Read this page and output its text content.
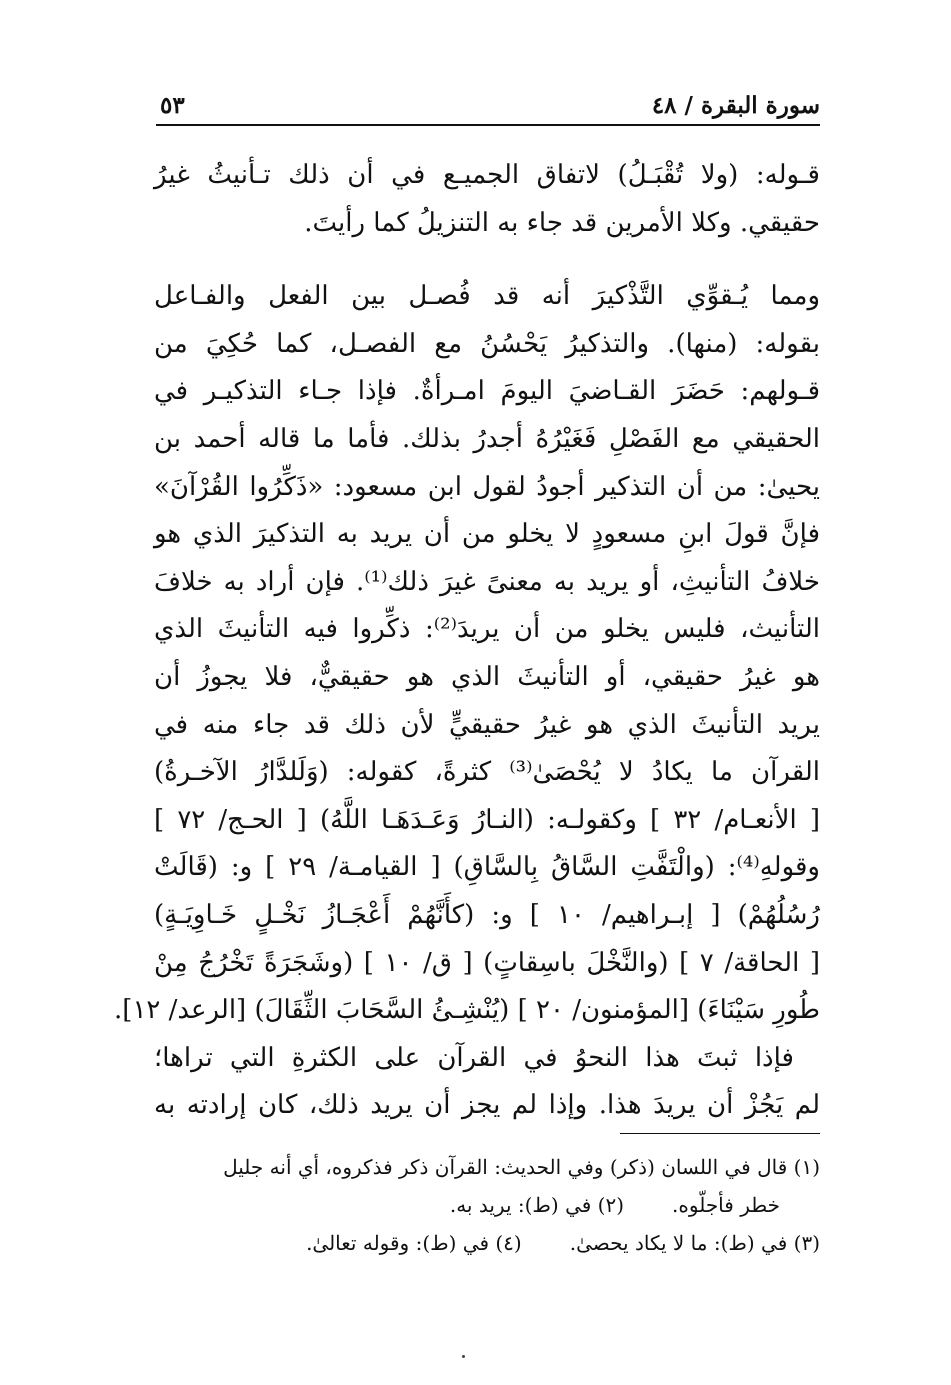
سورة البقرة / ٤٨
٥٣

قـوله: (ولا تُقْبَـلُ) لاتفاق الجميـع في أن ذلك تـأنيثُ غيرُ
حقيقي. وكلا الأمرين قد جاء به التنزيلُ كما رأيتَ.

ومما يُـقوِّي التَّذْكيرَ أنه قد فُصـل بين الفعل والفـاعل
بقوله: (منها). والتذكيرُ يَحْسُنُ مع الفصـل، كما حُكِيَ من
قـولهم: حَضَرَ القـاضيَ اليومَ امـرأةٌ. فإذا جـاء التذكيـر في
الحقيقي مع الفَصْلِ فَغَيْرُهُ أجدرُ بذلك. فأما ما قاله أحمد بن
يحيىٰ: من أن التذكير أجودُ لقول ابن مسعود: «ذَكِّرُوا القُرْآنَ»
فإنَّ قولَ ابنِ مسعودٍ لا يخلو من أن يريد به التذكيرَ الذي هو
خلافُ التأنيثِ، أو يريد به معنىً غيرَ ذلك⁽¹⁾. فإن أراد به خلافَ
التأنيث، فليس يخلو من أن يريدَ⁽²⁾: ذكِّروا فيه التأنيثَ الذي
هو غيرُ حقيقي، أو التأنيثَ الذي هو حقيقيٌّ، فلا يجوزُ أن
يريد التأنيثَ الذي هو غيرُ حقيقيٍّ لأن ذلك قد جاء منه في
القرآن ما يكادُ لا يُحْصَىٰ⁽³⁾ كثرةً، كقوله: (وَلَلدَّارُ الآخـرةُ)
[ الأنعـام/ ٣٢ ] وكقولـه: (النـارُ وَعَـدَهَـا اللَّهُ) [ الحـج/ ٧٢ ]
وقولهِ⁽⁴⁾: (والْتَفَّتِ السَّاقُ بِالسَّاقِ) [ القيامـة/ ٢٩ ] و: (قَالَتْ
رُسُلُهُمْ) [ إبـراهيم/ ١٠ ] و: (كأَنَّهُمْ أَعْجَـازُ نَخْـلٍ خَـاوِيَـةٍ)
[ الحاقة/ ٧ ] (والنَّخْلَ باسِقاتٍ) [ ق/ ١٠ ] (وشَجَرَةً تَخْرُجُ مِنْ
طُورِ سَيْنَاءَ) [المؤمنون/ ٢٠ ] (يُنْشِـئُ السَّحَابَ الثِّقَالَ) [الرعد/ ١٢].

فإذا ثبتَ هذا النحوُ في القرآن على الكثرةِ التي تراها؛
لم يَجُزْ أن يريدَ هذا. وإذا لم يجز أن يريد ذلك، كان إرادته به

(١) قال في اللسان (ذكر) وفي الحديث: القرآن ذكر فذكروه، أي أنه جليل
خطر فأجلّوه.
(٢) في (ط): يريد به.
(٣) في (ط): ما لا يكاد يحصىٰ.
(٤) في (ط): وقوله تعالىٰ.
